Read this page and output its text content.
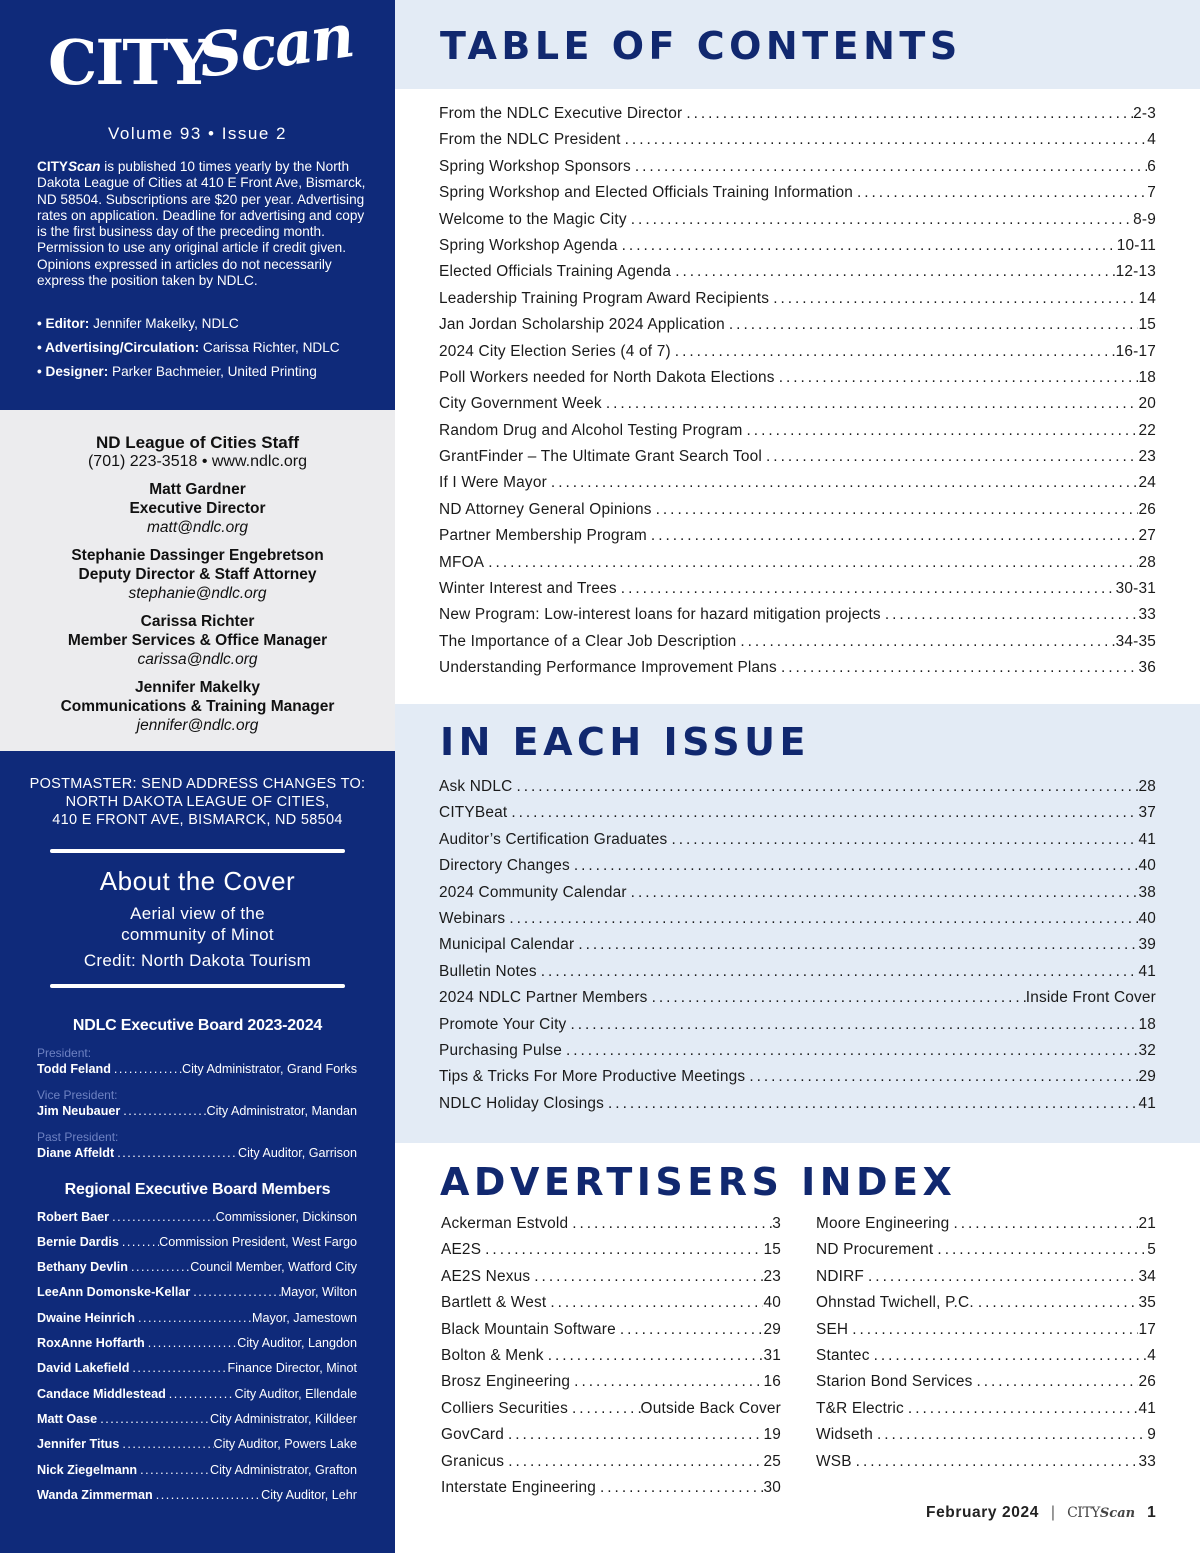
CITY
Scan
Volume 93 • Issue 2
CITYScan is published 10 times yearly by the North Dakota League of Cities at 410 E Front Ave, Bismarck, ND 58504. Subscriptions are $20 per year. Advertising rates on application. Deadline for advertising and copy is the first business day of the preceding month. Permission to use any original article if credit given. Opinions expressed in articles do not necessarily express the position taken by NDLC.
• Editor: Jennifer Makelky, NDLC
• Advertising/Circulation: Carissa Richter, NDLC
• Designer: Parker Bachmeier, United Printing
ND League of Cities Staff
(701) 223-3518 • www.ndlc.org
Matt Gardner
Executive Director
matt@ndlc.org
Stephanie Dassinger Engebretson
Deputy Director & Staff Attorney
stephanie@ndlc.org
Carissa Richter
Member Services & Office Manager
carissa@ndlc.org
Jennifer Makelky
Communications & Training Manager
jennifer@ndlc.org
POSTMASTER: SEND ADDRESS CHANGES TO:
NORTH DAKOTA LEAGUE OF CITIES,
410 E FRONT AVE, BISMARCK, ND 58504
About the Cover
Aerial view of the
community of Minot
Credit: North Dakota Tourism
NDLC Executive Board 2023-2024
President:
Todd Feland .....	City Administrator, Grand Forks
Vice President:
Jim Neubauer .....	City Administrator, Mandan
Past President:
Diane Affeldt .....	City Auditor, Garrison
Regional Executive Board Members
Robert Baer .....	Commissioner, Dickinson
Bernie Dardis .....	Commission President, West Fargo
Bethany Devlin .....	Council Member, Watford City
LeeAnn Domonske-Kellar .....	Mayor, Wilton
Dwaine Heinrich .....	Mayor, Jamestown
RoxAnne Hoffarth .....	City Auditor, Langdon
David Lakefield .....	Finance Director, Minot
Candace Middlestead .....	City Auditor, Ellendale
Matt Oase .....	City Administrator, Killdeer
Jennifer Titus .....	City Auditor, Powers Lake
Nick Ziegelmann .....	City Administrator, Grafton
Wanda Zimmerman .....	City Auditor, Lehr
TABLE OF CONTENTS
From the NDLC Executive Director .....	2-3
From the NDLC President .....	4
Spring Workshop Sponsors .....	6
Spring Workshop and Elected Officials Training Information .....	7
Welcome to the Magic City .....	8-9
Spring Workshop Agenda .....	10-11
Elected Officials Training Agenda .....	12-13
Leadership Training Program Award Recipients .....	14
Jan Jordan Scholarship 2024 Application .....	15
2024 City Election Series (4 of 7) .....	16-17
Poll Workers needed for North Dakota Elections .....	18
City Government Week .....	20
Random Drug and Alcohol Testing Program .....	22
GrantFinder – The Ultimate Grant Search Tool .....	23
If I Were Mayor .....	24
ND Attorney General Opinions .....	26
Partner Membership Program .....	27
MFOA .....	28
Winter Interest and Trees .....	30-31
New Program: Low-interest loans for hazard mitigation projects .....	33
The Importance of a Clear Job Description .....	34-35
Understanding Performance Improvement Plans .....	36
IN EACH ISSUE
Ask NDLC .....	28
CITYBeat .....	37
Auditor’s Certification Graduates .....	41
Directory Changes .....	40
2024 Community Calendar .....	38
Webinars .....	40
Municipal Calendar .....	39
Bulletin Notes .....	41
2024 NDLC Partner Members .....	Inside Front Cover
Promote Your City .....	18
Purchasing Pulse .....	32
Tips & Tricks For More Productive Meetings .....	29
NDLC Holiday Closings .....	41
ADVERTISERS INDEX
Ackerman Estvold .....	3
AE2S .....	15
AE2S Nexus .....	23
Bartlett & West .....	40
Black Mountain Software .....	29
Bolton & Menk .....	31
Brosz Engineering .....	16
Colliers Securities .....	Outside Back Cover
GovCard .....	19
Granicus .....	25
Interstate Engineering .....	30
Moore Engineering .....	21
ND Procurement .....	5
NDIRF .....	34
Ohnstad Twichell, P.C. .....	35
SEH .....	17
Stantec .....	4
Starion Bond Services .....	26
T&R Electric .....	41
Widseth .....	9
WSB .....	33
February 2024 | CITY Scan 1
